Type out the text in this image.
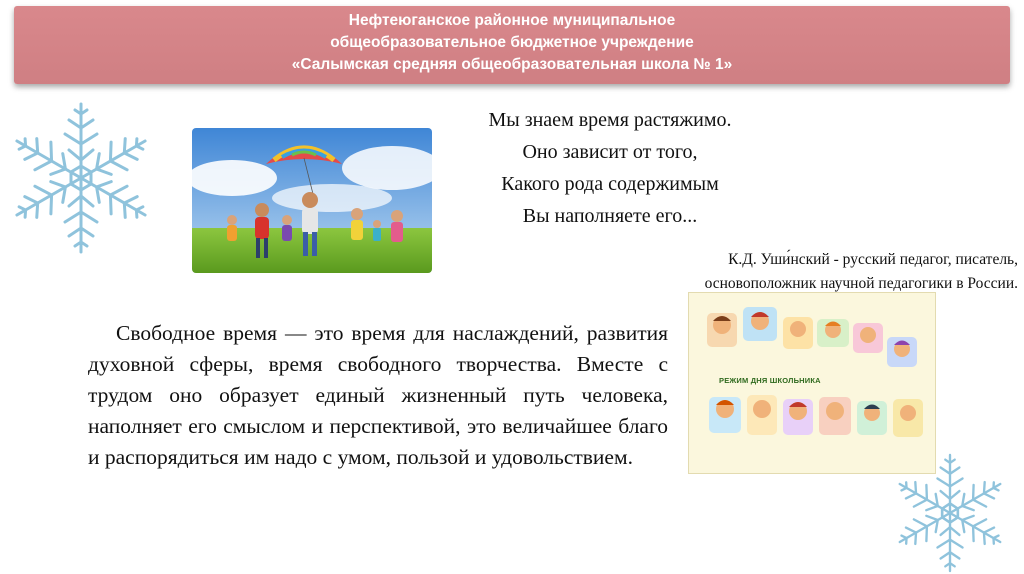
Нефтеюганское районное муниципальное
общеобразовательное бюджетное учреждение
«Салымская средняя общеобразовательная школа № 1»
Мы знаем время растяжимо.
Оно зависит от того,
Какого рода содержимым
Вы наполняете его...
К.Д. Уши́нский - русский педагог, писатель,
основоположник научной педагогики в России.
Свободное время — это время для наслаждений, развития духовной сферы, время свободного творчества. Вместе с трудом оно образует единый жизненный путь человека, наполняет его смыслом и перспективой, это величайшее благо и распорядиться им надо с умом, пользой и удовольствием.
РЕЖИМ ДНЯ ШКОЛЬНИКА
